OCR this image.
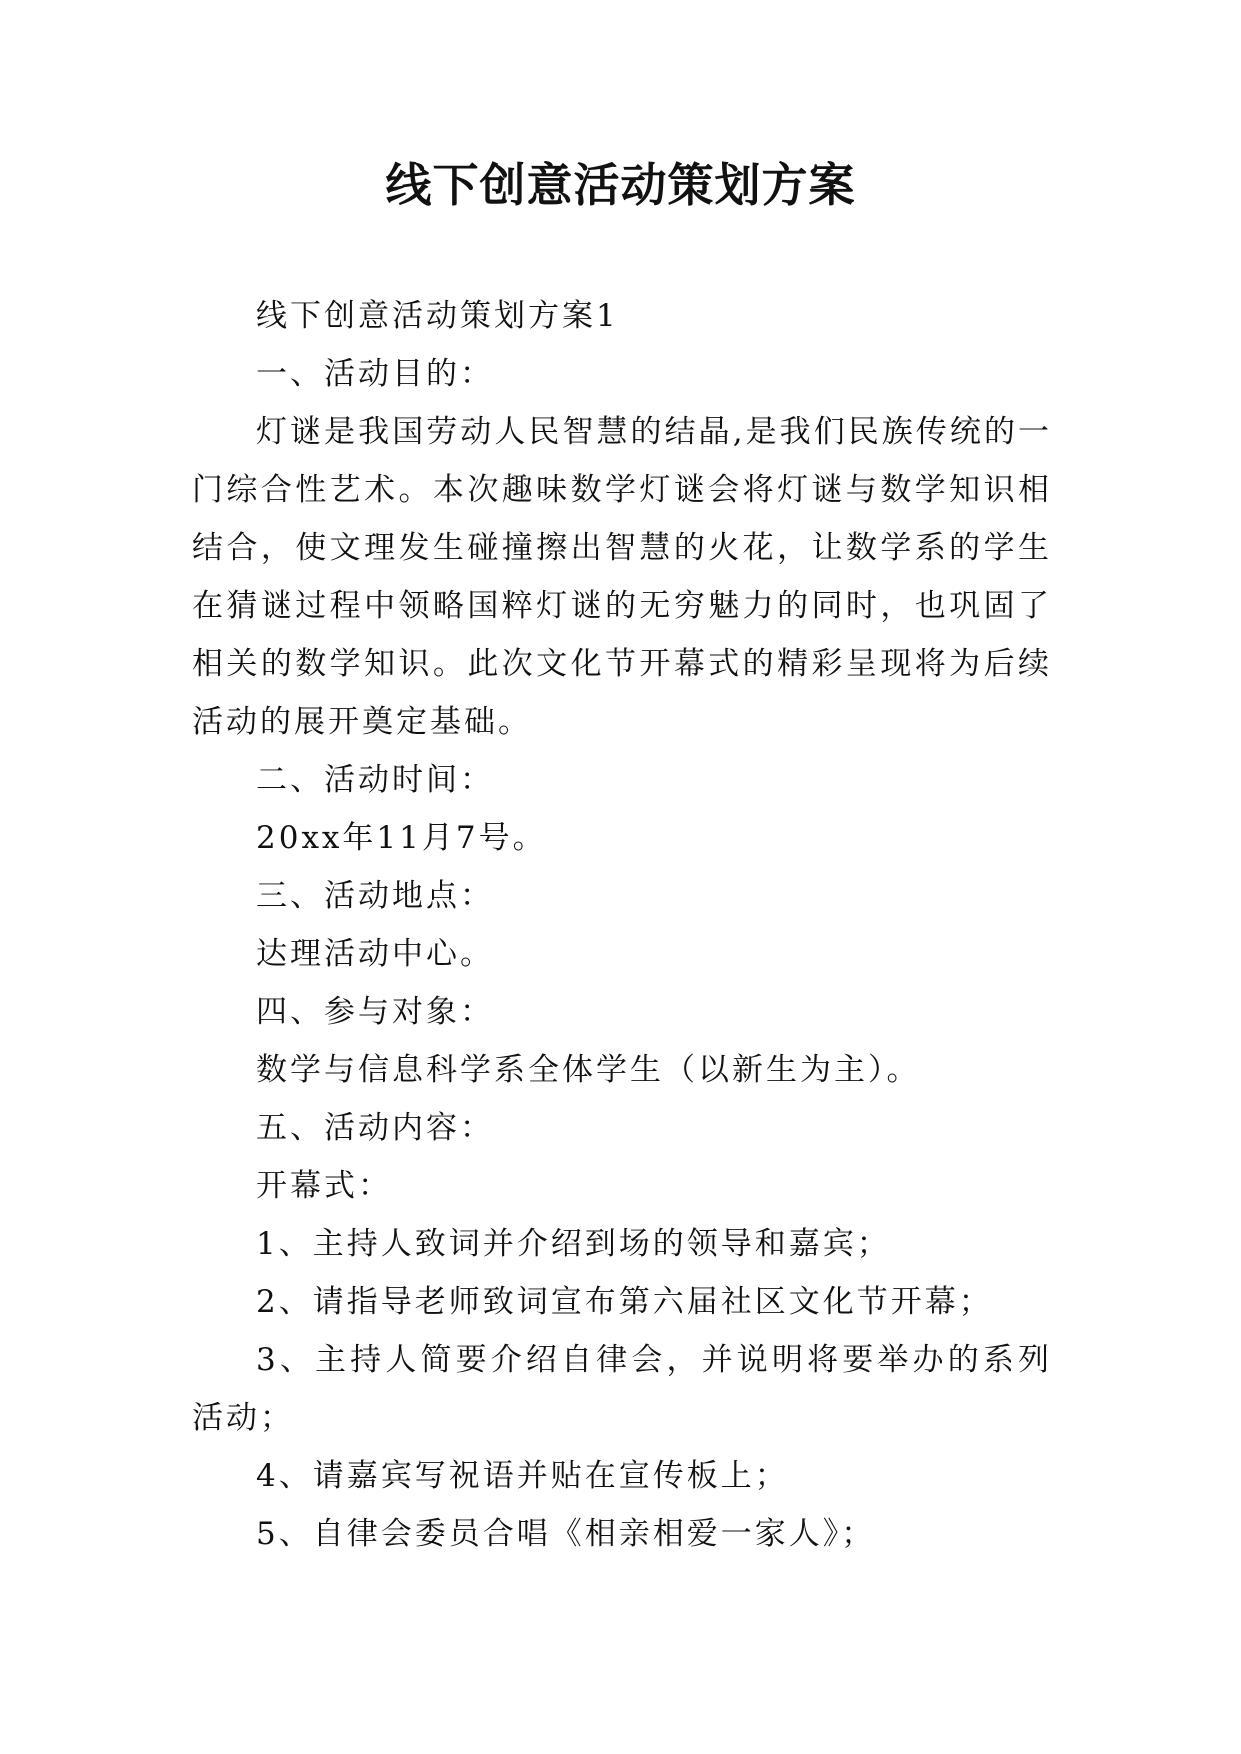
线下创意活动策划方案

线下创意活动策划方案1

一、活动目的：

灯谜是我国劳动人民智慧的结晶,是我们民族传统的一门综合性艺术。本次趣味数学灯谜会将灯谜与数学知识相结合，使文理发生碰撞擦出智慧的火花，让数学系的学生在猜谜过程中领略国粹灯谜的无穷魅力的同时，也巩固了相关的数学知识。此次文化节开幕式的精彩呈现将为后续活动的展开奠定基础。

二、活动时间：

20xx年11月7号。

三、活动地点：

达理活动中心。

四、参与对象：

数学与信息科学系全体学生（以新生为主）。

五、活动内容：

开幕式：

1、主持人致词并介绍到场的领导和嘉宾；

2、请指导老师致词宣布第六届社区文化节开幕；

3、主持人简要介绍自律会，并说明将要举办的系列活动；

4、请嘉宾写祝语并贴在宣传板上；

5、自律会委员合唱《相亲相爱一家人》；
